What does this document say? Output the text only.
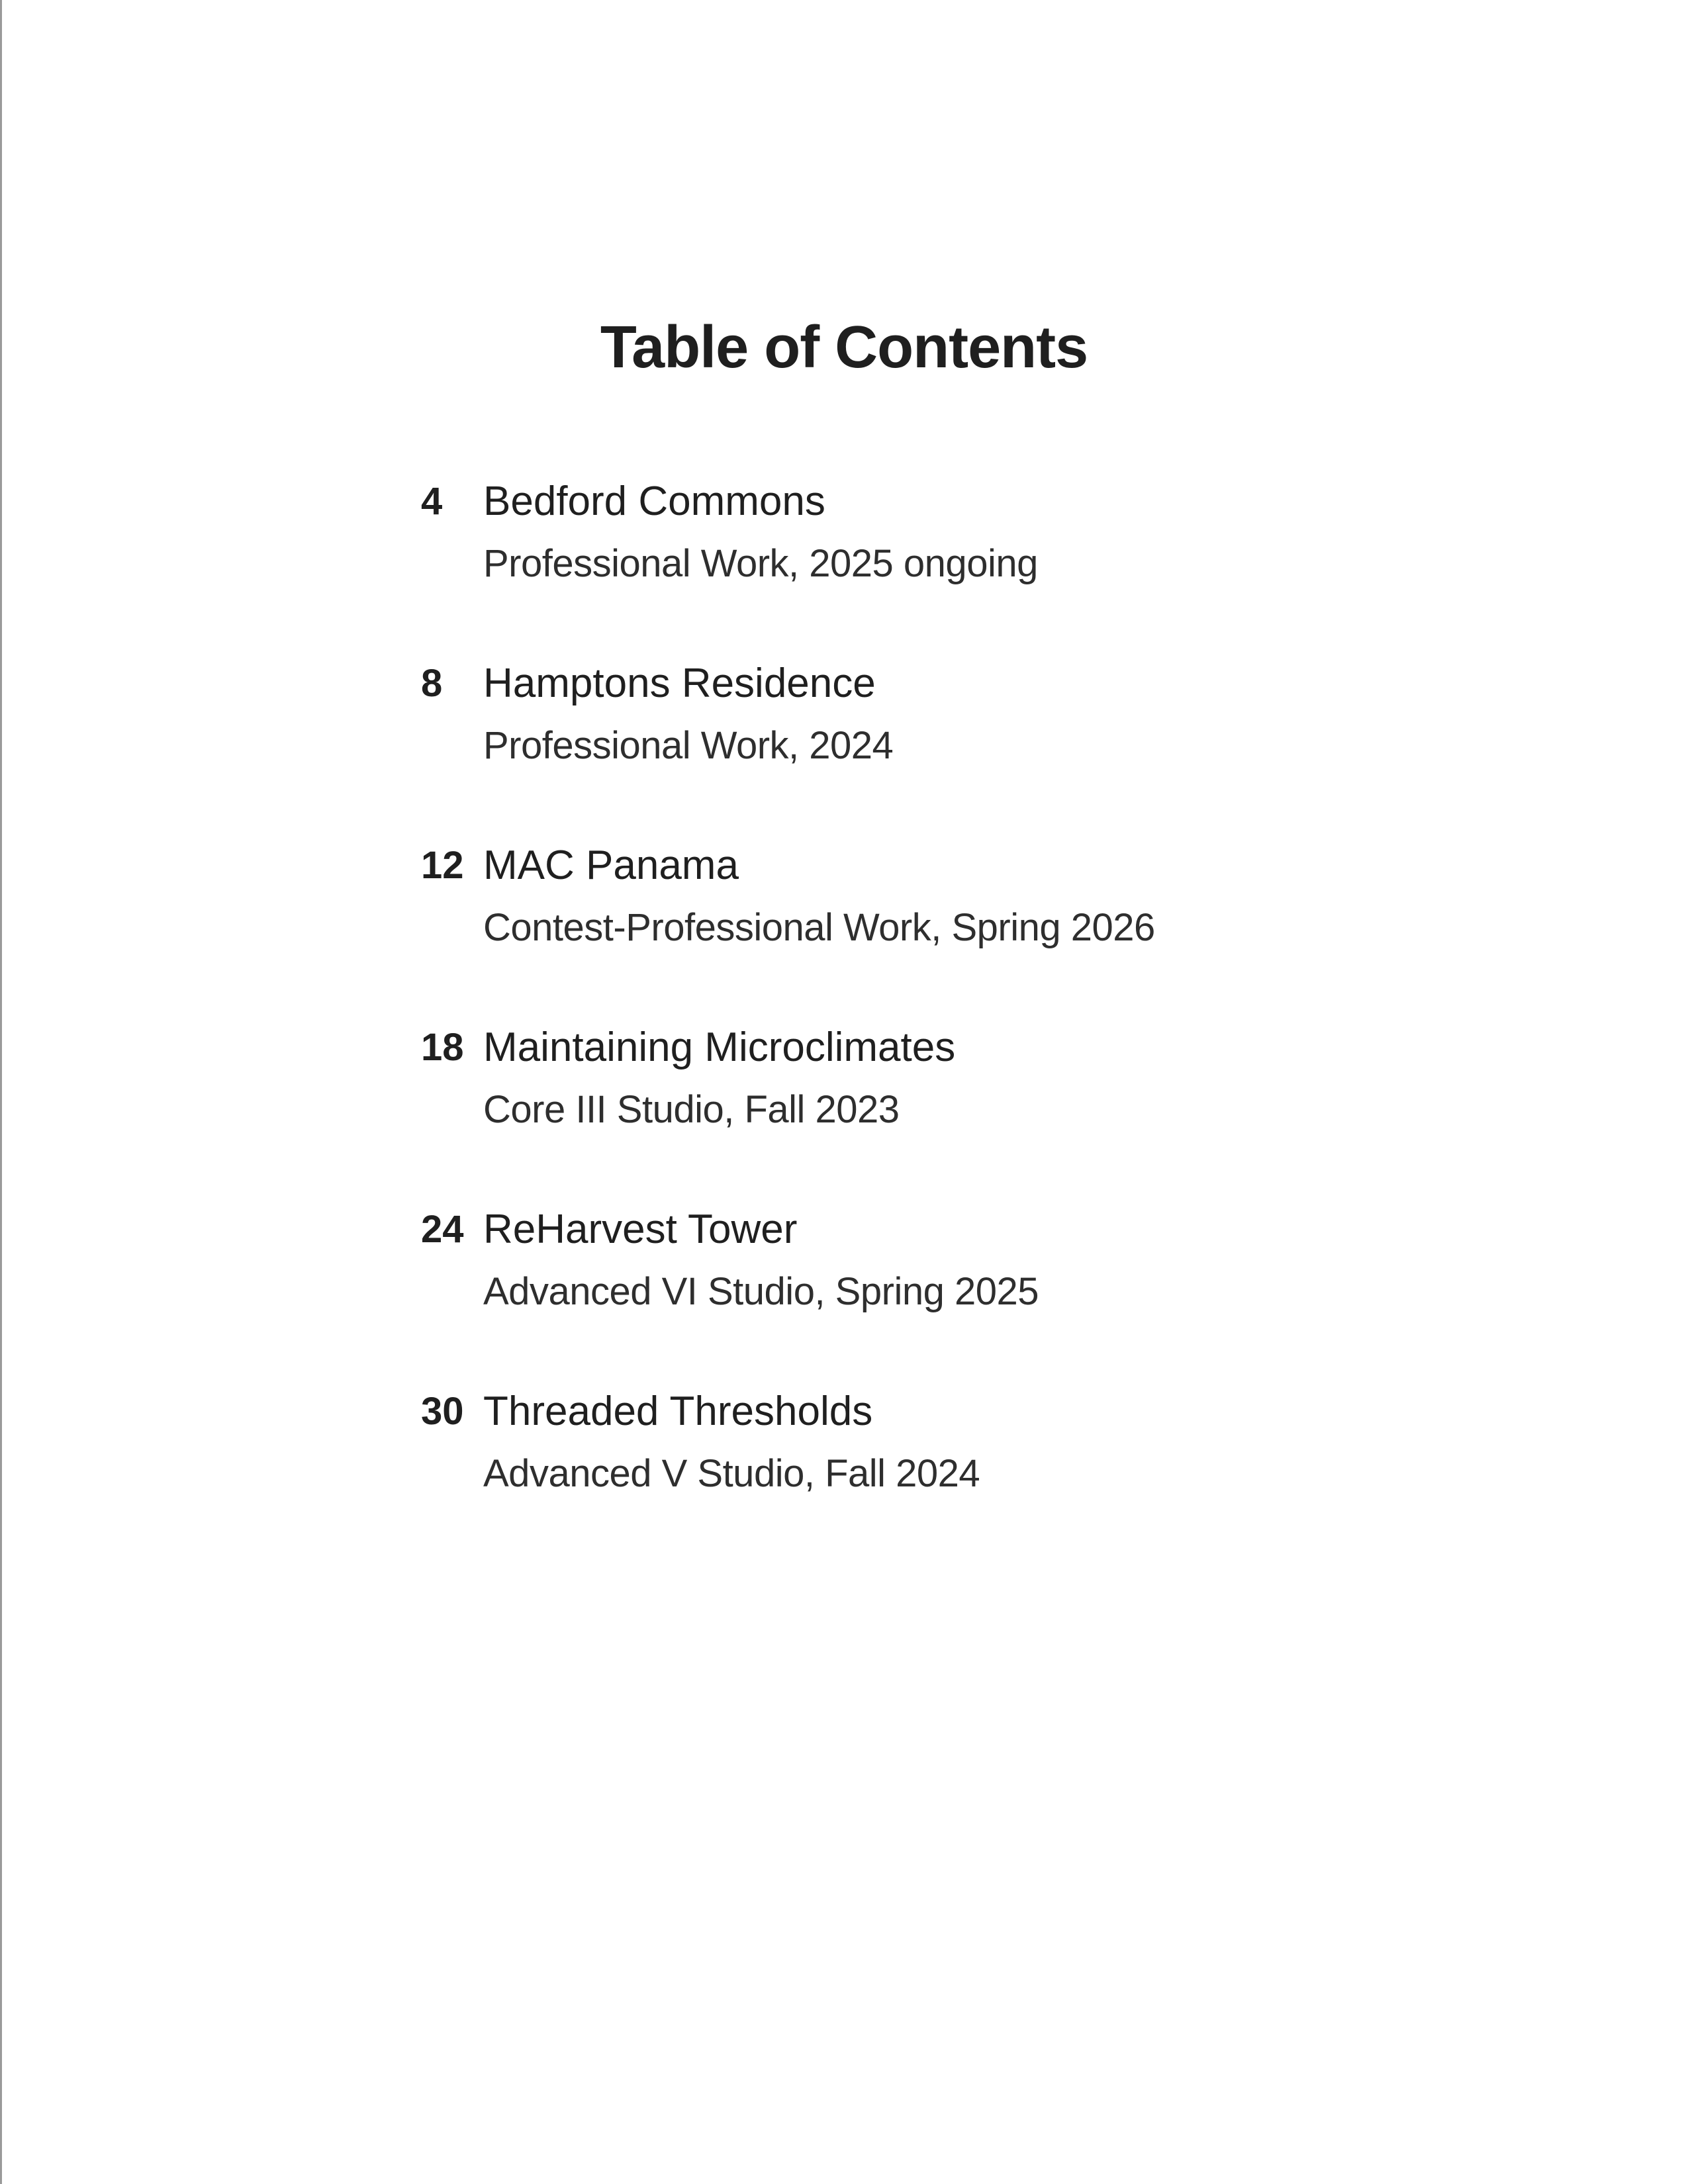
Table of Contents
4 Bedford Commons
Professional Work, 2025 ongoing
8 Hamptons Residence
Professional Work, 2024
12 MAC Panama
Contest-Professional Work, Spring 2026
18 Maintaining Microclimates
Core III Studio, Fall 2023
24 ReHarvest Tower
Advanced VI Studio, Spring 2025
30 Threaded Thresholds
Advanced V Studio, Fall 2024
